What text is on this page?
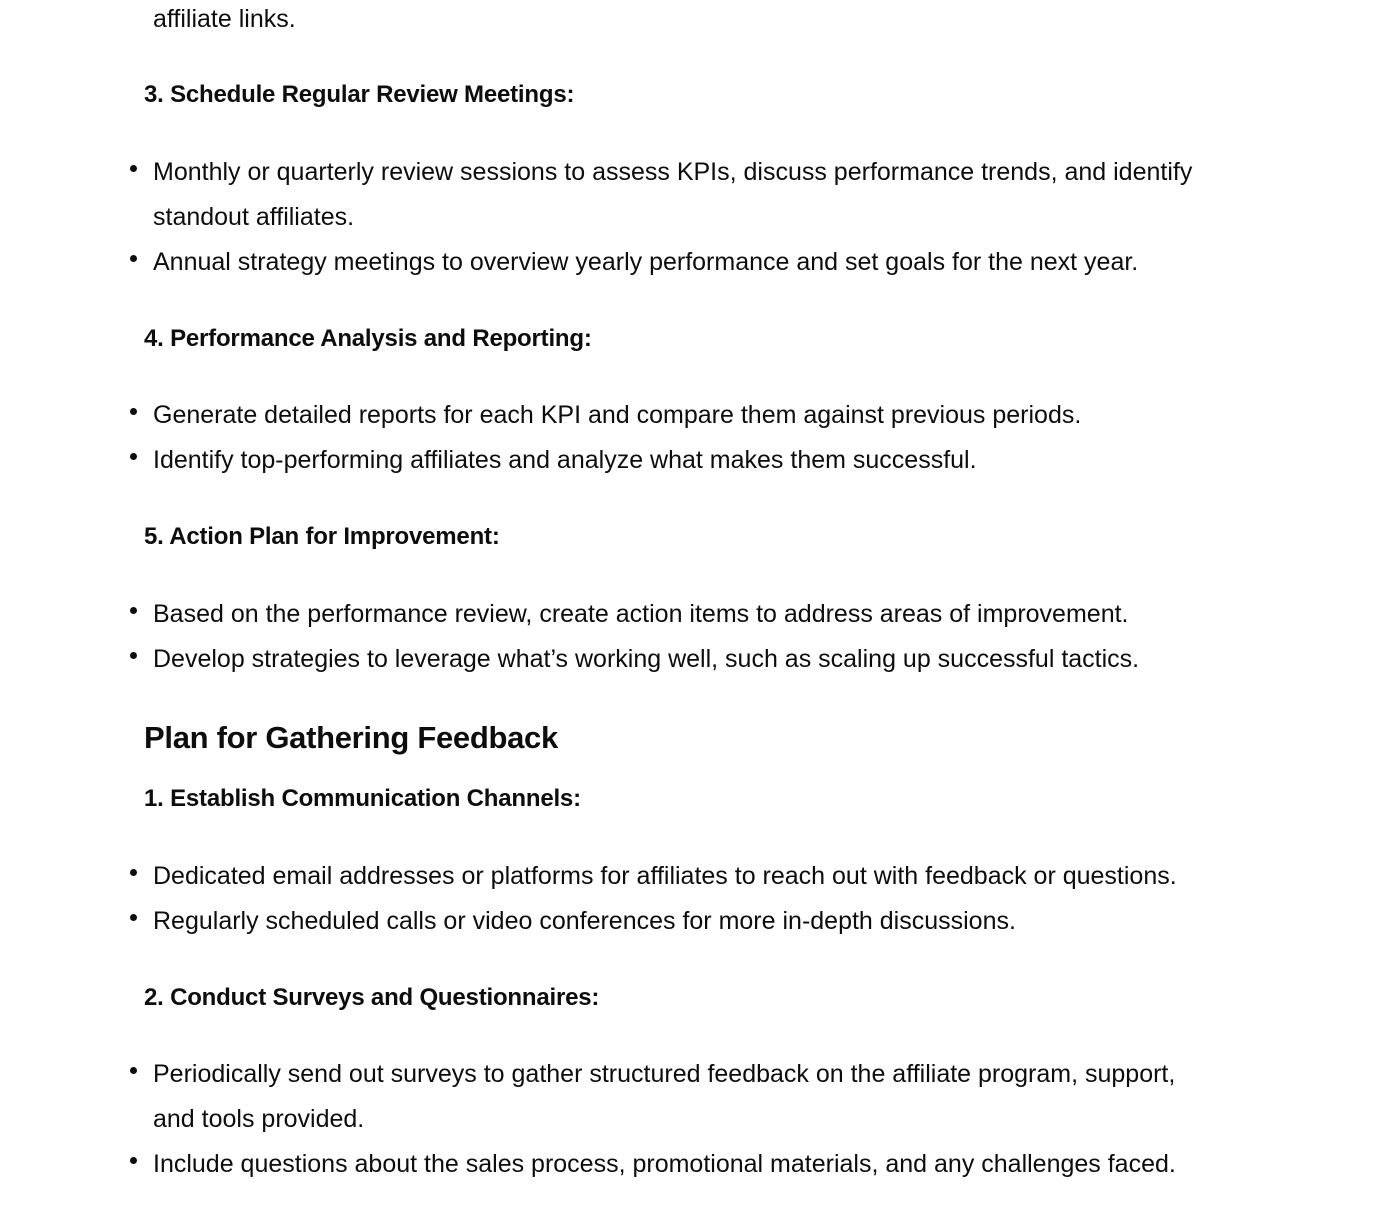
affiliate links.
3. Schedule Regular Review Meetings:
Monthly or quarterly review sessions to assess KPIs, discuss performance trends, and identify
standout affiliates.
Annual strategy meetings to overview yearly performance and set goals for the next year.
4. Performance Analysis and Reporting:
Generate detailed reports for each KPI and compare them against previous periods.
Identify top-performing affiliates and analyze what makes them successful.
5. Action Plan for Improvement:
Based on the performance review, create action items to address areas of improvement.
Develop strategies to leverage what’s working well, such as scaling up successful tactics.
Plan for Gathering Feedback
1. Establish Communication Channels:
Dedicated email addresses or platforms for affiliates to reach out with feedback or questions.
Regularly scheduled calls or video conferences for more in-depth discussions.
2. Conduct Surveys and Questionnaires:
Periodically send out surveys to gather structured feedback on the affiliate program, support,
and tools provided.
Include questions about the sales process, promotional materials, and any challenges faced.
